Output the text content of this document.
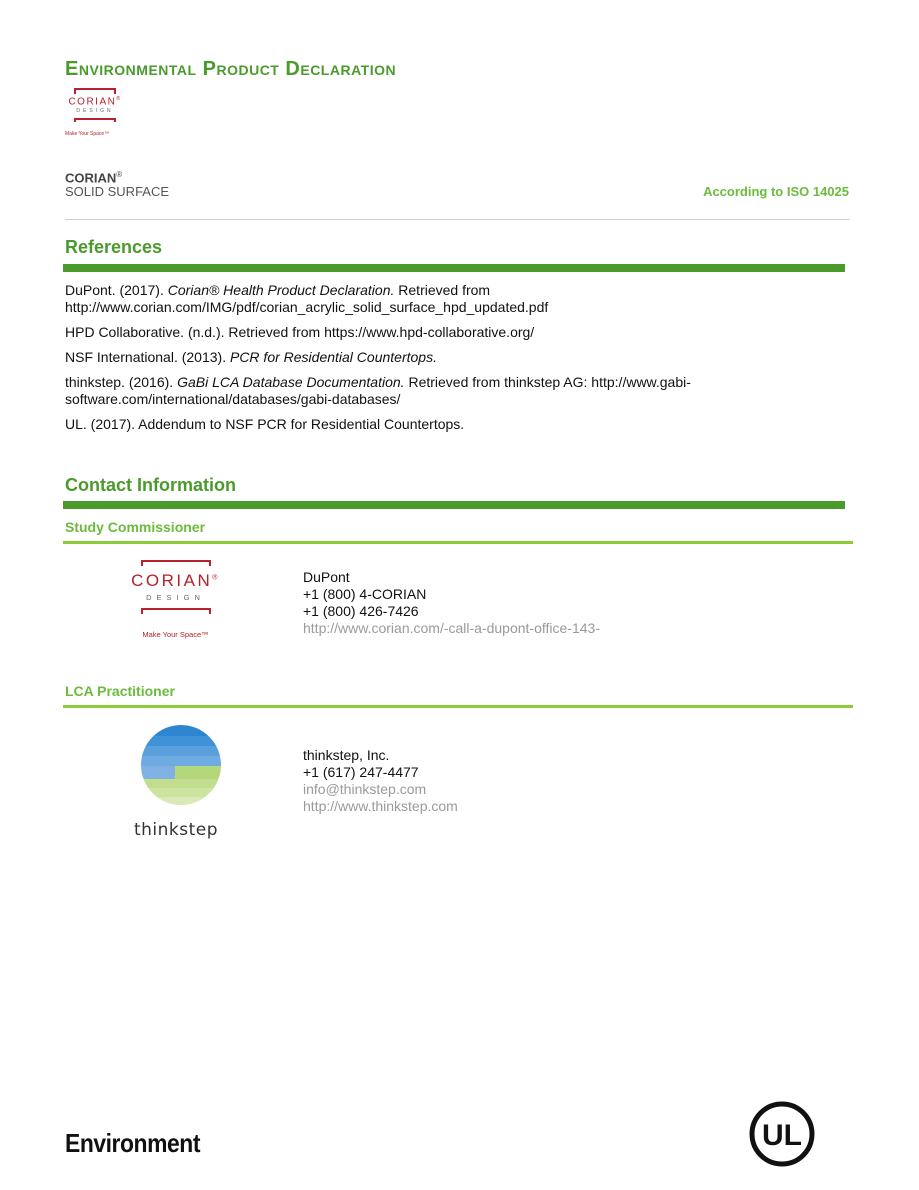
Environmental Product Declaration
CORIAN®
DESIGN
Make Your Space™
CORIAN®
SOLID SURFACE	According to ISO 14025
References
DuPont. (2017). Corian® Health Product Declaration. Retrieved from http://www.corian.com/IMG/pdf/corian_acrylic_solid_surface_hpd_updated.pdf
HPD Collaborative. (n.d.). Retrieved from https://www.hpd-collaborative.org/
NSF International. (2013). PCR for Residential Countertops.
thinkstep. (2016). GaBi LCA Database Documentation. Retrieved from thinkstep AG: http://www.gabi-software.com/international/databases/gabi-databases/
UL. (2017). Addendum to NSF PCR for Residential Countertops.
Contact Information
Study Commissioner
CORIAN®
DESIGN
Make Your Space™
DuPont
+1 (800) 4-CORIAN
+1 (800) 426-7426
http://www.corian.com/-call-a-dupont-office-143-
LCA Practitioner
thinkstep
thinkstep, Inc.
+1 (617) 247-4477
info@thinkstep.com
http://www.thinkstep.com
Environment	UL
